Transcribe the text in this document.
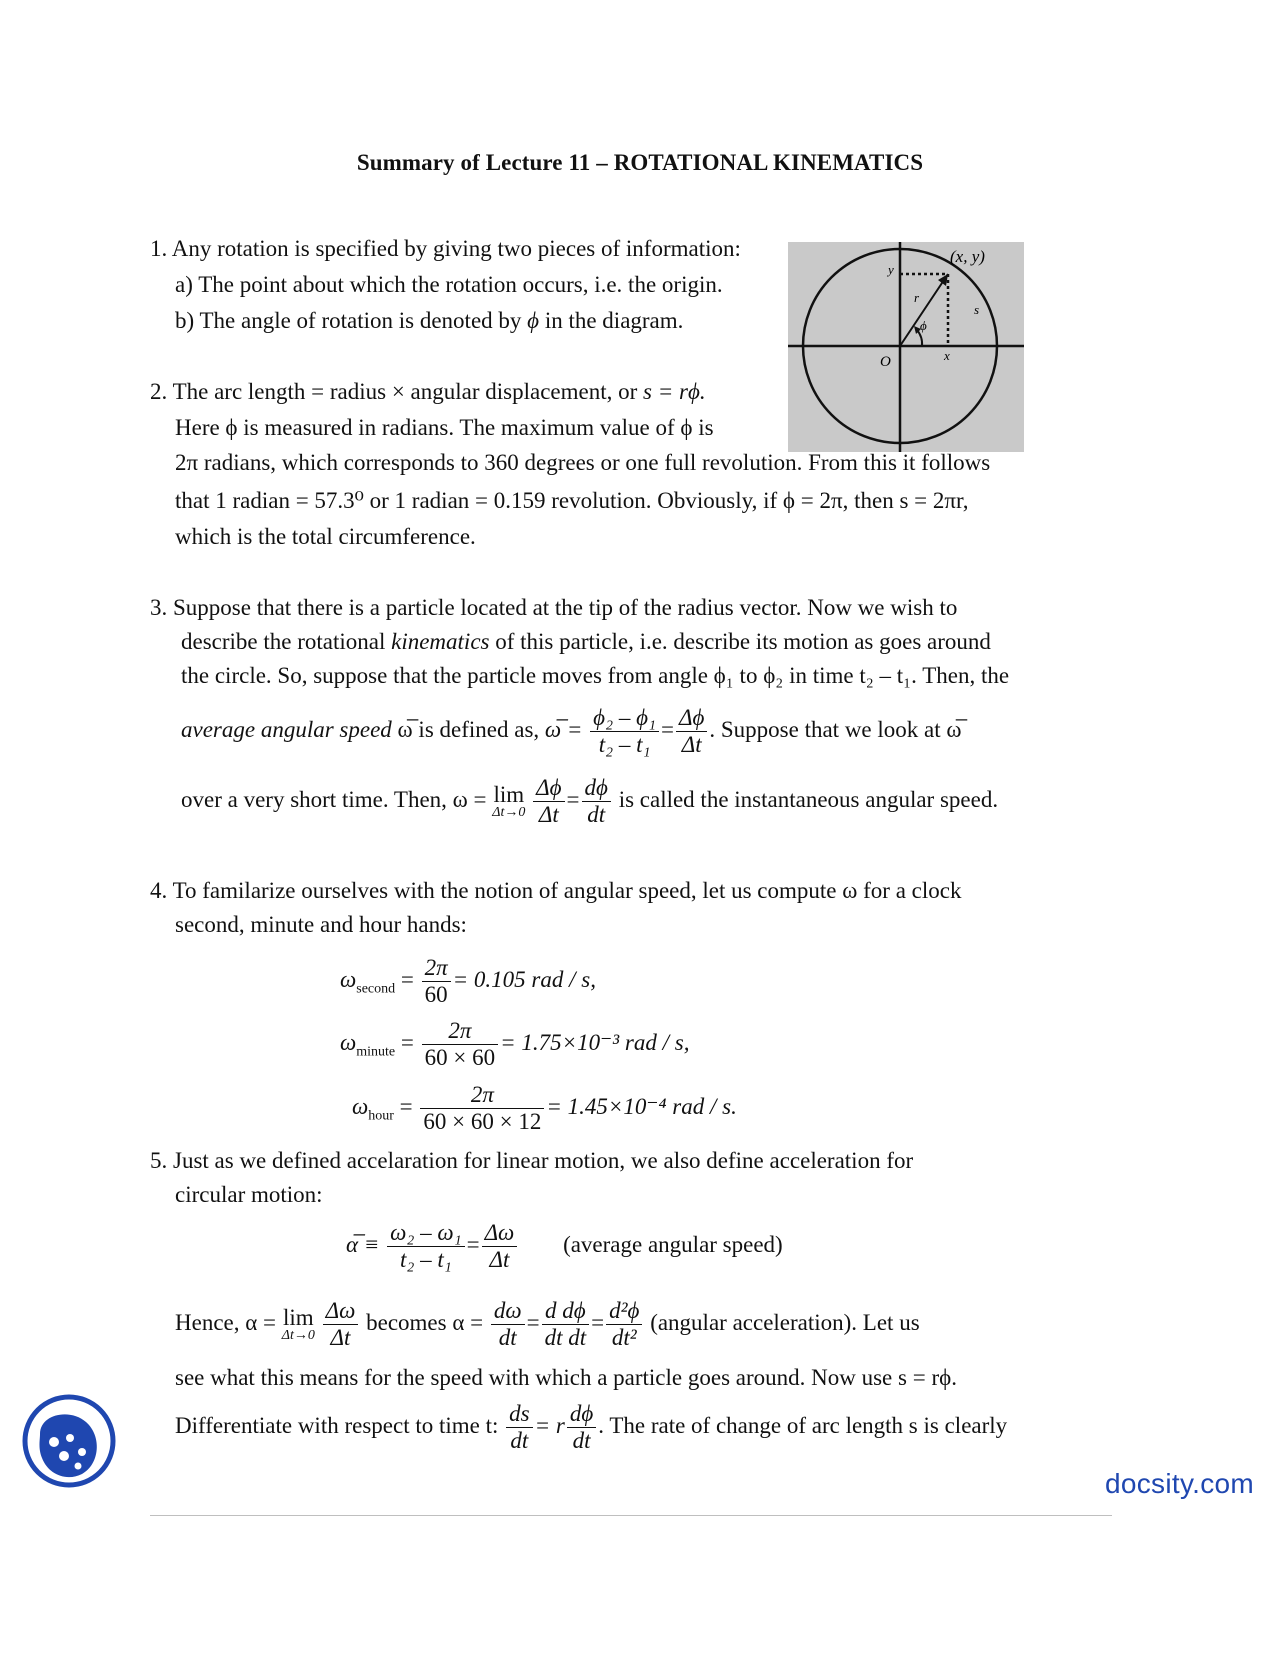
Summary of Lecture 11 – ROTATIONAL KINEMATICS
1. Any rotation is specified by giving two pieces of information:
a) The point about which the rotation occurs, i.e. the origin.
b) The angle of rotation is denoted by ϕ in the diagram.
(x, y)
y
r
s
ϕ
x
O
2. The arc length = radius × angular displacement, or s = rϕ.
Here ϕ is measured in radians. The maximum value of ϕ is
2π radians, which corresponds to 360 degrees or one full revolution. From this it follows
that 1 radian = 57.3⁰ or 1 radian = 0.159 revolution. Obviously, if ϕ = 2π, then s = 2πr,
which is the total circumference.
3. Suppose that there is a particle located at the tip of the radius vector. Now we wish to
describe the rotational kinematics of this particle, i.e. describe its motion as goes around
the circle. So, suppose that the particle moves from angle ϕ₁ to ϕ₂ in time t₂ – t₁. Then, the
average angular speed ω̅ is defined as, ω̅ = $\frac{\text{ϕ₂ – ϕ₁}}{\text{t₂ – t₁}} = \frac{\Delta\phi}{\Delta t}$ . Suppose that we look at ω̅
over a very short time. Then, ω = lim
Δt→0
$\frac{\Delta\phi}{\Delta t} = \frac{d\phi}{dt}$ is called the instantaneous angular speed.
4. To familarize ourselves with the notion of angular speed, let us compute ω for a clock
second, minute and hour hands:
$\omega_{second} = \frac{2\pi}{60} = 0.105$ rad / s,
$\omega_{minute} = \frac{2\pi}{60 \times 60} = 1.75\times 10^{-3}$ rad / s,
$\omega_{hour} = \frac{2\pi}{60 \times 60 \times 12} = 1.45\times 10^{-4}$ rad / s.
5. Just as we defined accelaration for linear motion, we also define acceleration for
circular motion:
α̅ ≡ $\frac{\text{ω₂ – ω₁}}{\text{t₂ – t₁}} = \frac{\Delta\omega}{\Delta t}$ (average angular speed)
Hence, α = lim
Δt→0
$\frac{\Delta\omega}{\Delta t}$ becomes $\alpha = \frac{d\omega}{dt} = \frac{\text{d dϕ}}{\text{dt dt}} = \frac{\text{d²ϕ}}{\text{dt²}}$ (angular acceleration). Let us
see what this means for the speed with which a particle goes around. Now use s = rϕ.
Differentiate with respect to time t: $\frac{ds}{dt} = r \frac{d\phi}{dt}$ . The rate of change of arc length s is clearly
docsity.com
